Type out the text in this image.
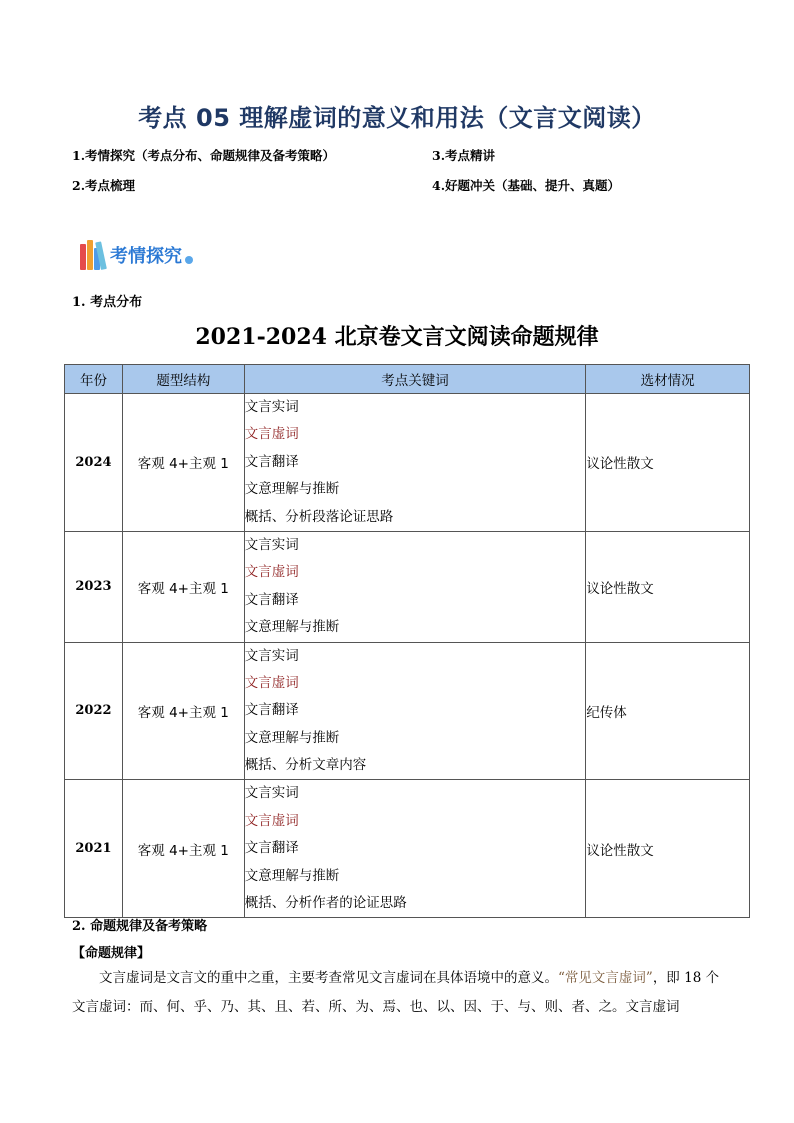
考点 05 理解虚词的意义和用法（文言文阅读）
1.考情探究（考点分布、命题规律及备考策略）	3.考点精讲
2.考点梳理	4.好题冲关（基础、提升、真题）
考情探究
1. 考点分布
2021-2024 北京卷文言文阅读命题规律
年份	题型结构	考点关键词	选材情况
2024	客观 4+主观 1	文言实词
文言虚词
文言翻译
文意理解与推断
概括、分析段落论证思路	议论性散文
2023	客观 4+主观 1	文言实词
文言虚词
文言翻译
文意理解与推断	议论性散文
2022	客观 4+主观 1	文言实词
文言虚词
文言翻译
文意理解与推断
概括、分析文章内容	纪传体
2021	客观 4+主观 1	文言实词
文言虚词
文言翻译
文意理解与推断
概括、分析作者的论证思路	议论性散文
2. 命题规律及备考策略
【命题规律】
文言虚词是文言文的重中之重，主要考查常见文言虚词在具体语境中的意义。“常见文言虚词”，即 18 个文言虚词：而、何、乎、乃、其、且、若、所、为、焉、也、以、因、于、与、则、者、之。文言虚词
